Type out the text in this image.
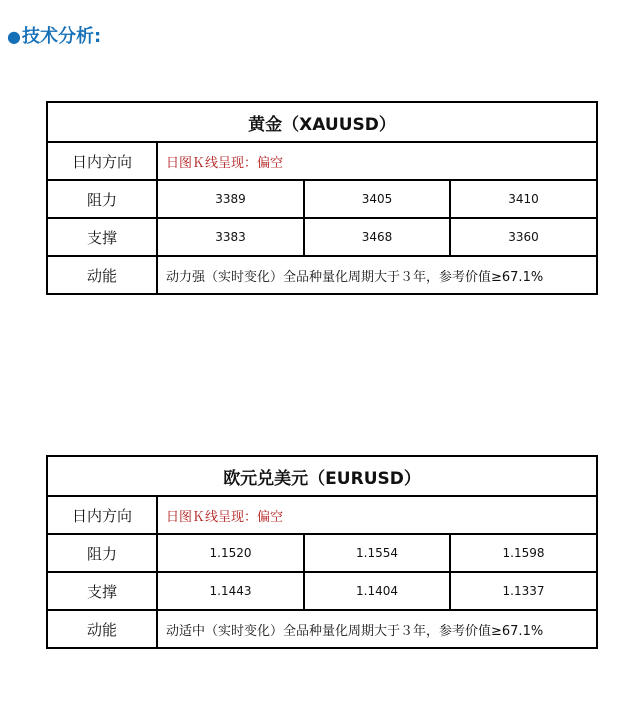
●技术分析:
黄金（XAUUSD）			
日内方向	日图Ｋ线呈现：偏空		
阻力	3389	3405	3410
支撑	3383	3468	3360
动能	动力强（实时变化）全品种量化周期大于３年，参考价值≥67.1%		
欧元兑美元（EURUSD）			
日内方向	日图Ｋ线呈现：偏空		
阻力	1.1520	1.1554	1.1598
支撑	1.1443	1.1404	1.1337
动能	动适中（实时变化）全品种量化周期大于３年，参考价值≥67.1%		
